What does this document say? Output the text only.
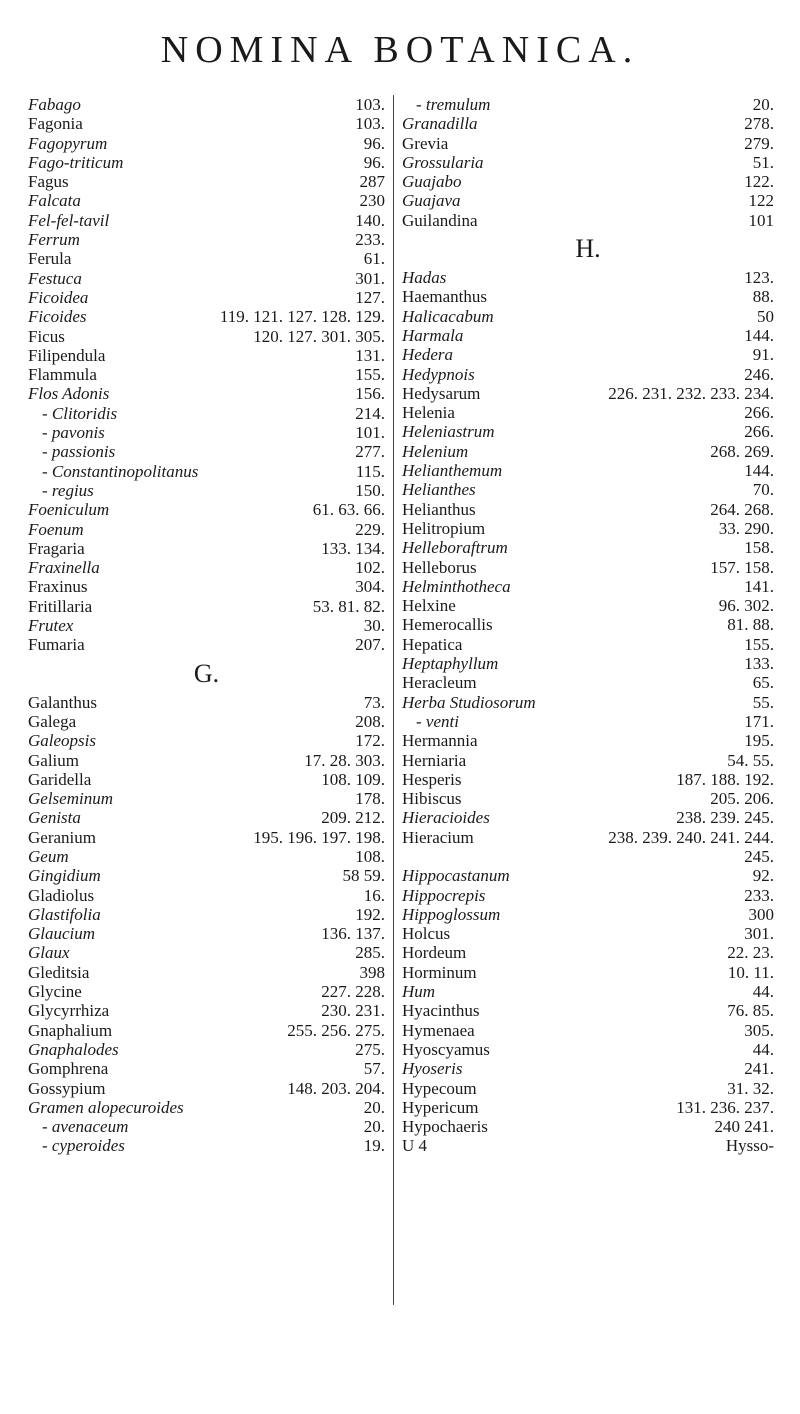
NOMINA BOTANICA.
Fabago	103.
Fagonia	103.
Fagopyrum	96.
Fago-triticum	96.
Fagus	287
Falcata	230
Fel-fel-tavil	140.
Ferrum	233.
Ferula	61.
Festuca	301.
Ficoidea	127.
Ficoides	119. 121. 127. 128. 129.
Ficus	120. 127. 301. 305.
Filipendula	131.
Flammula	155.
Flos Adonis	156.
- Clitoridis	214.
- pavonis	101.
- passionis	277.
- Constantinopolitanus	115.
- regius	150.
Foeniculum	61. 63. 66.
Foenum	229.
Fragaria	133. 134.
Fraxinella	102.
Fraxinus	304.
Fritillaria	53. 81. 82.
Frutex	30.
Fumaria	207.
G.
Galanthus	73.
Galega	208.
Galeopsis	172.
Galium	17. 28. 303.
Garidella	108. 109.
Gelseminum	178.
Genista	209. 212.
Geranium	195. 196. 197. 198.
Geum	108.
Gingidium	58 59.
Gladiolus	16.
Glastifolia	192.
Glaucium	136. 137.
Glaux	285.
Gleditsia	398
Glycine	227. 228.
Glycyrrhiza	230. 231.
Gnaphalium	255. 256. 275.
Gnaphalodes	275.
Gomphrena	57.
Gossypium	148. 203. 204.
Gramen alopecuroides	20.
- avenaceum	20.
- cyperoides	19.
- tremulum	20.
Granadilla	278.
Grevia	279.
Grossularia	51.
Guajabo	122.
Guajava	122
Guilandina	101
H.
Hadas	123.
Haemanthus	88.
Halicacabum	50
Harmala	144.
Hedera	91.
Hedypnois	246.
Hedysarum	226. 231. 232. 233. 234.
Helenia	266.
Heleniastrum	266.
Helenium	268. 269.
Helianthemum	144.
Helianthes	70.
Helianthus	264. 268.
Helitropium	33. 290.
Helleboraftrum	158.
Helleborus	157. 158.
Helminthotheca	141.
Helxine	96. 302.
Hemerocallis	81. 88.
Hepatica	155.
Heptaphyllum	133.
Heracleum	65.
Herba Studiosorum	55.
- venti	171.
Hermannia	195.
Herniaria	54. 55.
Hesperis	187. 188. 192.
Hibiscus	205. 206.
Hieracioides	238. 239. 245.
Hieracium	238. 239. 240. 241. 244.
245.
Hippocastanum	92.
Hippocrepis	233.
Hippoglossum	300
Holcus	301.
Hordeum	22. 23.
Horminum	10. 11.
Hum	44.
Hyacinthus	76. 85.
Hymenaea	305.
Hyoscyamus	44.
Hyoseris	241.
Hypecoum	31. 32.
Hypericum	131. 236. 237.
Hypochaeris	240 241.
U 4	Hysso-
